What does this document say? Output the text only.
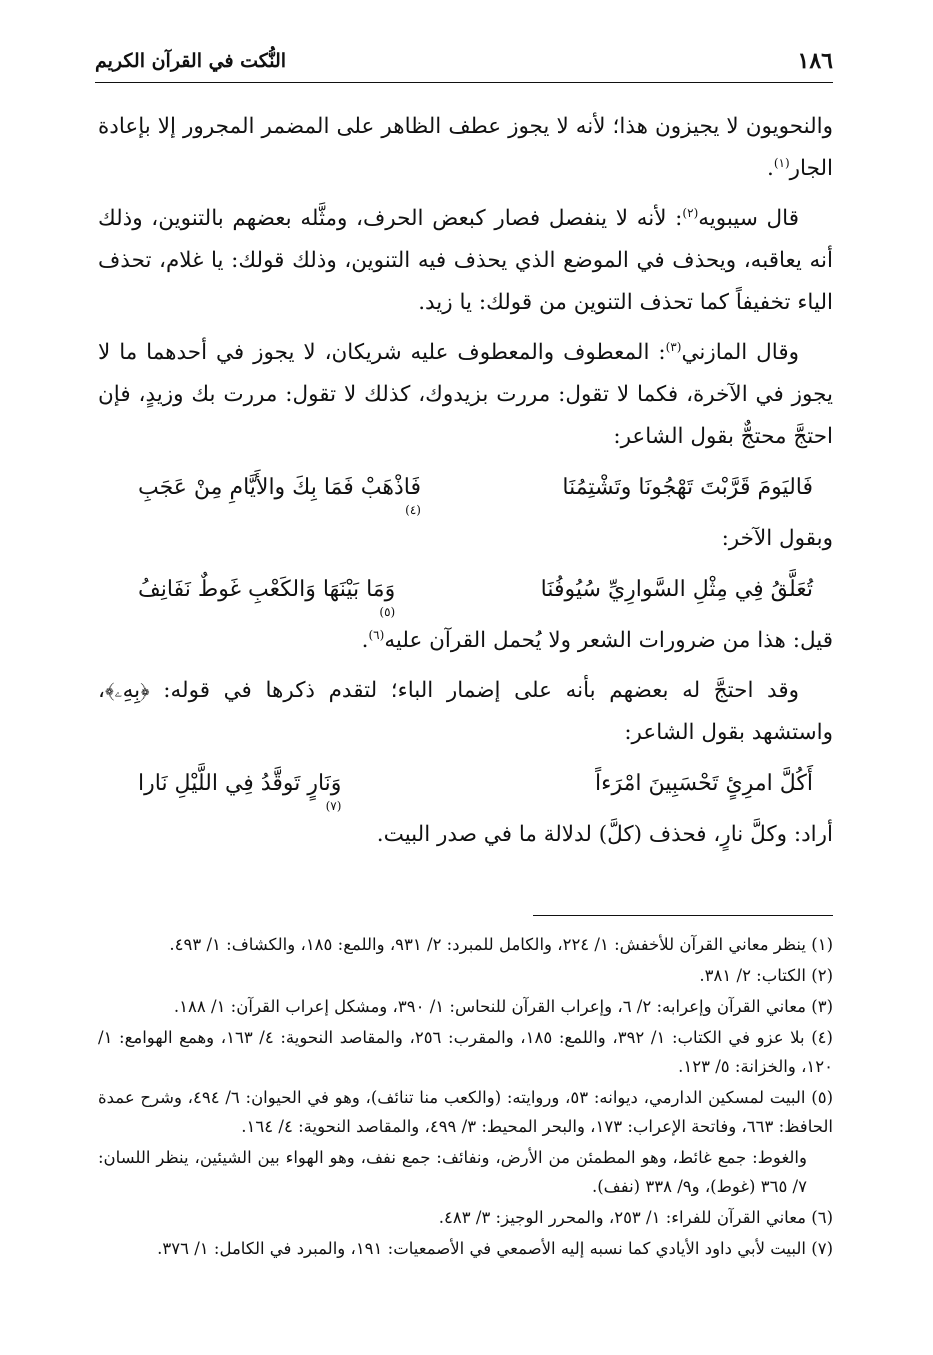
١٨٦
النُّكت في القرآن الكريم

والنحويون لا يجيزون هذا؛ لأنه لا يجوز عطف الظاهر على المضمر المجرور إلا بإعادة الجار$^{(١)}$.

قال سيبويه$^{(٢)}$: لأنه لا ينفصل فصار كبعض الحرف، ومثَّله بعضهم بالتنوين، وذلك أنه يعاقبه، ويحذف في الموضع الذي يحذف فيه التنوين، وذلك قولك: يا غلام، تحذف الياء تخفيفاً كما تحذف التنوين من قولك: يا زيد.

وقال المازني$^{(٣)}$: المعطوف والمعطوف عليه شريكان، لا يجوز في أحدهما ما لا يجوز في الآخرة، فكما لا تقول: مررت بزيدوك، كذلك لا تقول: مررت بك وزيدٍ، فإن احتجَّ محتجٌّ بقول الشاعر:

فَاليَومَ قَرَّبْتَ تَهْجُونَا وتَشْتِمُنَا
فَاذْهَبْ فَمَا بِكَ والأَيَّامِ مِنْ عَجَبِ
(٤)

وبقول الآخر:

تُعَلَّقُ فِي مِثْلِ السَّوارِيِّ سُيُوفُنَا
وَمَا بَيْنَهَا وَالكَعْبِ غَوطٌ نَفَانِفُ
(٥)

قيل: هذا من ضرورات الشعر ولا يُحمل القرآن عليه$^{(٦)}$.

وقد احتجَّ له بعضهم بأنه على إضمار الباء؛ لتقدم ذكرها في قوله: ﴿بِهِۦ﴾، واستشهد بقول الشاعر:

أَكُلَّ امرِئٍ تَحْسَبِينَ امْرَءاً
وَنَارٍ تَوقَّدُ فِي اللَّيْلِ نَارا
(٧)

أراد: وكلَّ نارٍ، فحذف (كلَّ) لدلالة ما في صدر البيت.

(١) ينظر معاني القرآن للأخفش: ١/ ٢٢٤، والكامل للمبرد: ٢/ ٩٣١، واللمع: ١٨٥، والكشاف: ١/ ٤٩٣.

(٢) الكتاب: ٢/ ٣٨١.

(٣) معاني القرآن وإعرابه: ٢/ ٦، وإعراب القرآن للنحاس: ١/ ٣٩٠، ومشكل إعراب القرآن: ١/ ١٨٨.

(٤) بلا عزو في الكتاب: ١/ ٣٩٢، واللمع: ١٨٥، والمقرب: ٢٥٦، والمقاصد النحوية: ٤/ ١٦٣، وهمع الهوامع: ١/ ١٢٠، والخزانة: ٥/ ١٢٣.

(٥) البيت لمسكين الدارمي، ديوانه: ٥٣، وروايته: (والكعب منا تنائف)، وهو في الحيوان: ٦/ ٤٩٤، وشرح عمدة الحافظ: ٦٦٣، وفاتحة الإعراب: ١٧٣، والبحر المحيط: ٣/ ٤٩٩، والمقاصد النحوية: ٤/ ١٦٤.

والغوط: جمع غائط، وهو المطمئن من الأرض، ونفائف: جمع نفف، وهو الهواء بين الشيئين، ينظر اللسان: ٧/ ٣٦٥ (غوط)، و٩/ ٣٣٨ (نفف).

(٦) معاني القرآن للفراء: ١/ ٢٥٣، والمحرر الوجيز: ٣/ ٤٨٣.

(٧) البيت لأبي داود الأيادي كما نسبه إليه الأصمعي في الأصمعيات: ١٩١، والمبرد في الكامل: ١/ ٣٧٦.
